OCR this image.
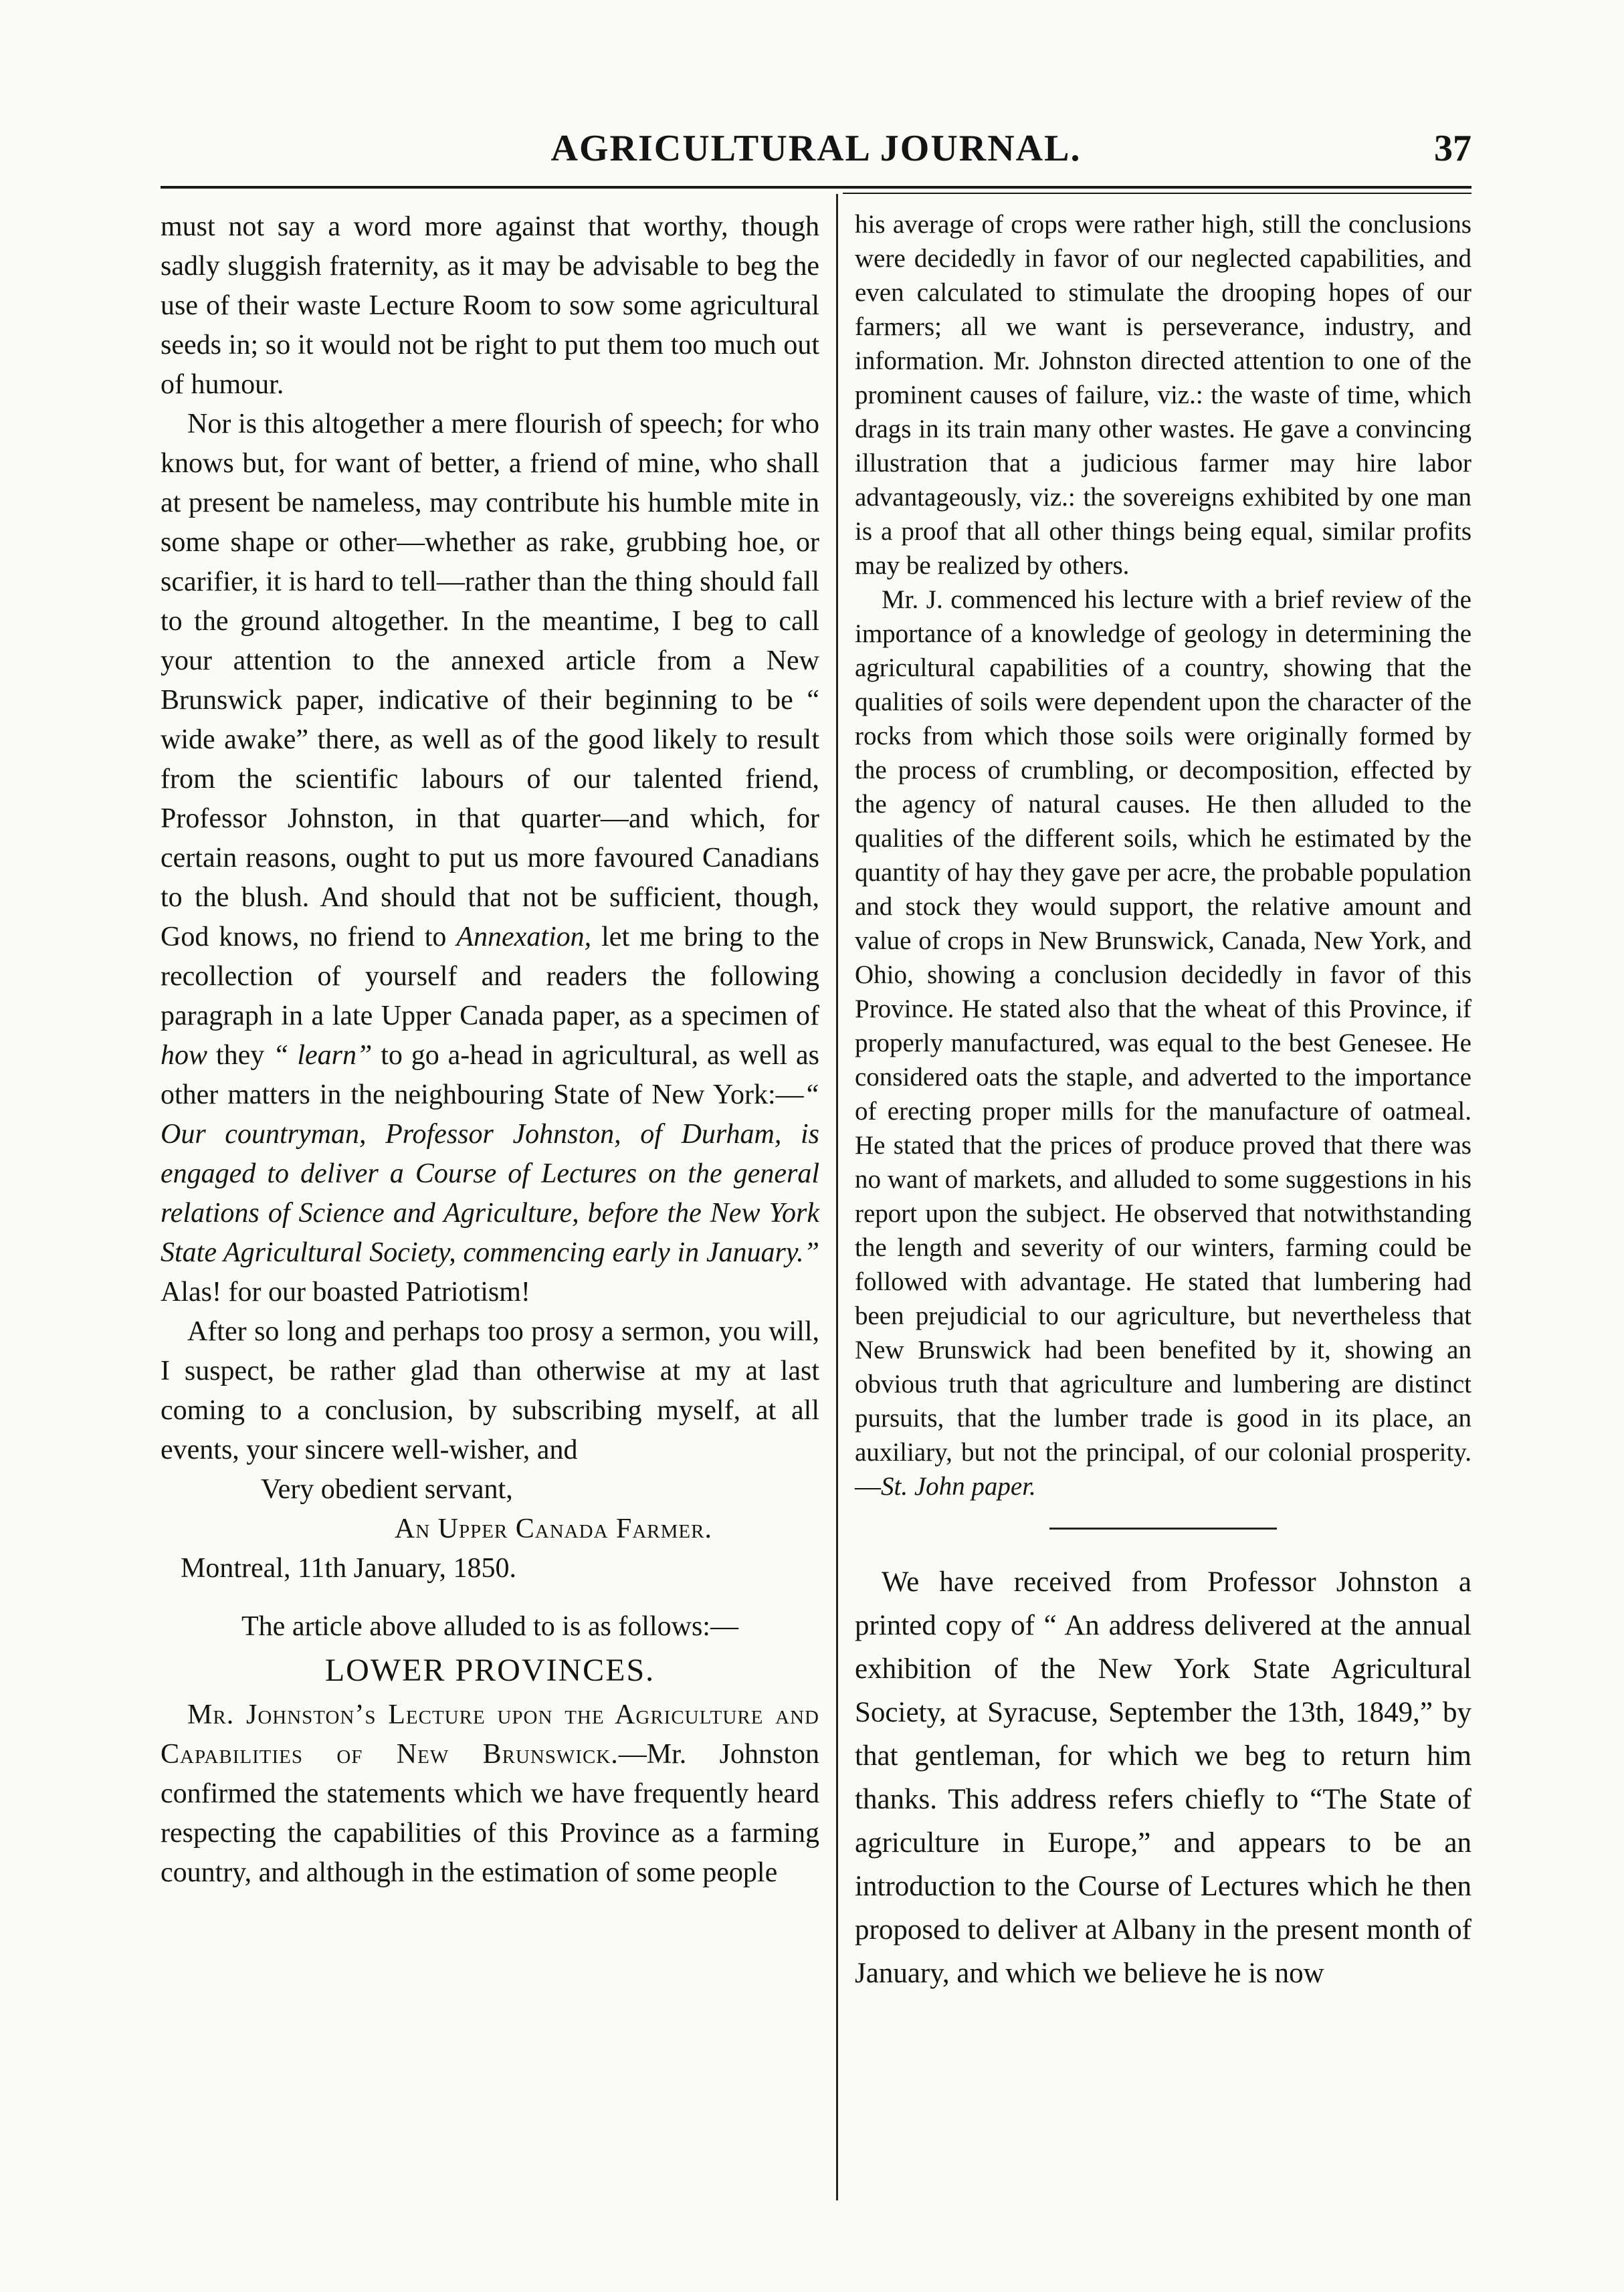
AGRICULTURAL JOURNAL.	37

must not say a word more against that worthy, though sadly sluggish fraternity, as it may be advisable to beg the use of their waste Lecture Room to sow some agricultural seeds in; so it would not be right to put them too much out of humour.

Nor is this altogether a mere flourish of speech; for who knows but, for want of better, a friend of mine, who shall at present be nameless, may contribute his humble mite in some shape or other—whether as rake, grubbing hoe, or scarifier, it is hard to tell—rather than the thing should fall to the ground altogether. In the meantime, I beg to call your attention to the annexed article from a New Brunswick paper, indicative of their beginning to be “ wide awake” there, as well as of the good likely to result from the scientific labours of our talented friend, Professor Johnston, in that quarter—and which, for certain reasons, ought to put us more favoured Canadians to the blush. And should that not be sufficient, though, God knows, no friend to Annexation, let me bring to the recollection of yourself and readers the following paragraph in a late Upper Canada paper, as a specimen of how they “ learn” to go a-head in agricultural, as well as other matters in the neighbouring State of New York:—“ Our countryman, Professor Johnston, of Durham, is engaged to deliver a Course of Lectures on the general relations of Science and Agriculture, before the New York State Agricultural Society, commencing early in January.” Alas! for our boasted Patriotism!

After so long and perhaps too prosy a sermon, you will, I suspect, be rather glad than otherwise at my at last coming to a conclusion, by subscribing myself, at all events, your sincere well-wisher, and

Very obedient servant,

An Upper Canada Farmer.

Montreal, 11th January, 1850.

The article above alluded to is as follows:—

LOWER PROVINCES.

Mr. Johnston’s Lecture upon the Agriculture and Capabilities of New Brunswick.—Mr. Johnston confirmed the statements which we have frequently heard respecting the capabilities of this Province as a farming country, and although in the estimation of some people

his average of crops were rather high, still the conclusions were decidedly in favor of our neglected capabilities, and even calculated to stimulate the drooping hopes of our farmers; all we want is perseverance, industry, and information. Mr. Johnston directed attention to one of the prominent causes of failure, viz.: the waste of time, which drags in its train many other wastes. He gave a convincing illustration that a judicious farmer may hire labor advantageously, viz.: the sovereigns exhibited by one man is a proof that all other things being equal, similar profits may be realized by others.

Mr. J. commenced his lecture with a brief review of the importance of a knowledge of geology in determining the agricultural capabilities of a country, showing that the qualities of soils were dependent upon the character of the rocks from which those soils were originally formed by the process of crumbling, or decomposition, effected by the agency of natural causes. He then alluded to the qualities of the different soils, which he estimated by the quantity of hay they gave per acre, the probable population and stock they would support, the relative amount and value of crops in New Brunswick, Canada, New York, and Ohio, showing a conclusion decidedly in favor of this Province. He stated also that the wheat of this Province, if properly manufactured, was equal to the best Genesee. He considered oats the staple, and adverted to the importance of erecting proper mills for the manufacture of oatmeal. He stated that the prices of produce proved that there was no want of markets, and alluded to some suggestions in his report upon the subject. He observed that notwithstanding the length and severity of our winters, farming could be followed with advantage. He stated that lumbering had been prejudicial to our agriculture, but nevertheless that New Brunswick had been benefited by it, showing an obvious truth that agriculture and lumbering are distinct pursuits, that the lumber trade is good in its place, an auxiliary, but not the principal, of our colonial prosperity.—St. John paper.

We have received from Professor Johnston a printed copy of “ An address delivered at the annual exhibition of the New York State Agricultural Society, at Syracuse, September the 13th, 1849,” by that gentleman, for which we beg to return him thanks. This address refers chiefly to “The State of agriculture in Europe,” and appears to be an introduction to the Course of Lectures which he then proposed to deliver at Albany in the present month of January, and which we believe he is now
